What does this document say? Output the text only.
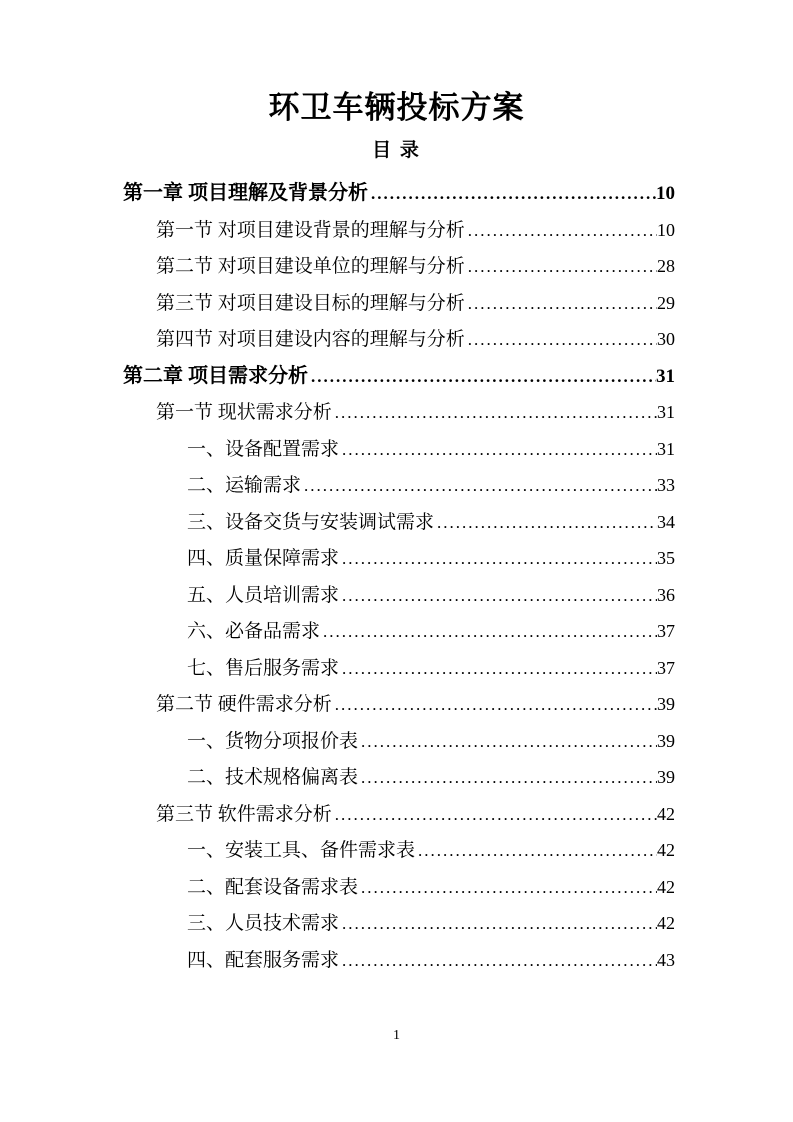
环卫车辆投标方案
目 录
第一章 项目理解及背景分析 .....	10
第一节 对项目建设背景的理解与分析 .....	10
第二节 对项目建设单位的理解与分析 .....	28
第三节 对项目建设目标的理解与分析 .....	29
第四节 对项目建设内容的理解与分析 .....	30
第二章 项目需求分析 .....	31
第一节 现状需求分析 .....	31
一、设备配置需求 .....	31
二、运输需求 .....	33
三、设备交货与安装调试需求 .....	34
四、质量保障需求 .....	35
五、人员培训需求 .....	36
六、必备品需求 .....	37
七、售后服务需求 .....	37
第二节 硬件需求分析 .....	39
一、货物分项报价表 .....	39
二、技术规格偏离表 .....	39
第三节 软件需求分析 .....	42
一、安装工具、备件需求表 .....	42
二、配套设备需求表 .....	42
三、人员技术需求 .....	42
四、配套服务需求 .....	43
1
